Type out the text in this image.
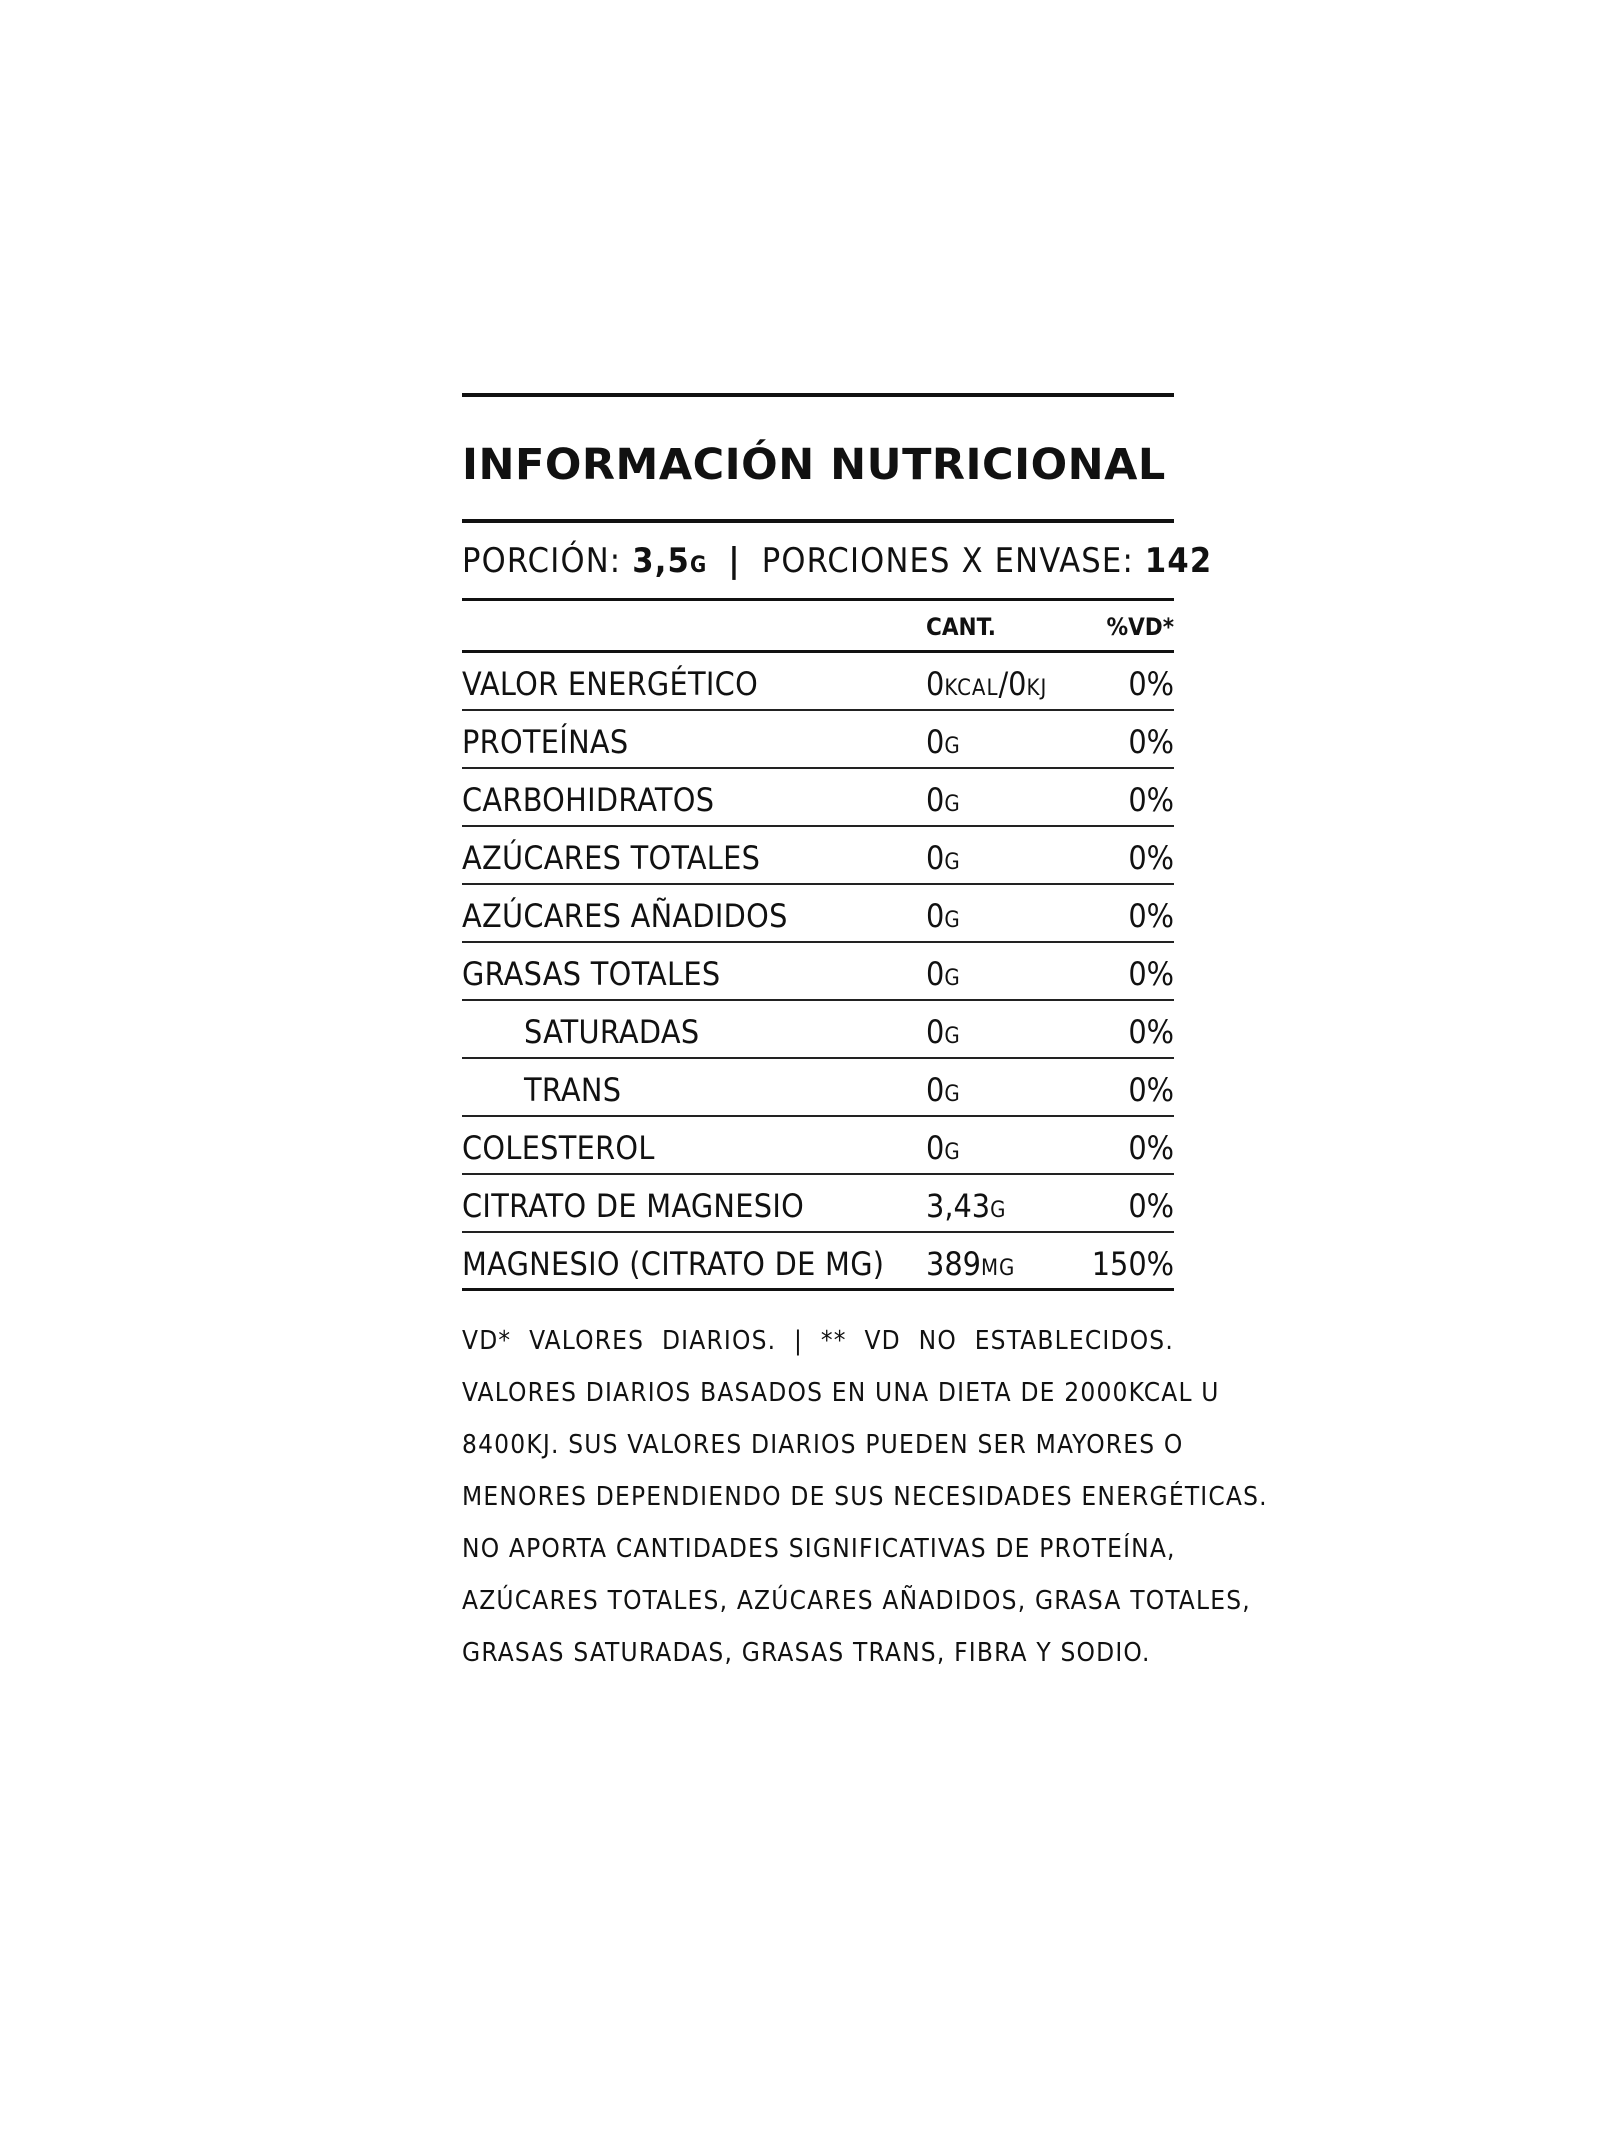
INFORMACIÓN NUTRICIONAL
PORCIÓN: 3,5G | PORCIONES X ENVASE: 142
CANT.	%VD*
VALOR ENERGÉTICO	0KCAL/0KJ	0%
PROTEÍNAS	0G	0%
CARBOHIDRATOS	0G	0%
AZÚCARES TOTALES	0G	0%
AZÚCARES AÑADIDOS	0G	0%
GRASAS TOTALES	0G	0%
SATURADAS	0G	0%
TRANS	0G	0%
COLESTEROL	0G	0%
CITRATO DE MAGNESIO	3,43G	0%
MAGNESIO (CITRATO DE MG) 389MG 150%
VD* VALORES DIARIOS. | ** VD NO ESTABLECIDOS.
VALORES DIARIOS BASADOS EN UNA DIETA DE 2000KCAL U
8400KJ. SUS VALORES DIARIOS PUEDEN SER MAYORES O
MENORES DEPENDIENDO DE SUS NECESIDADES ENERGÉTICAS.
NO APORTA CANTIDADES SIGNIFICATIVAS DE PROTEÍNA,
AZÚCARES TOTALES, AZÚCARES AÑADIDOS, GRASA TOTALES,
GRASAS SATURADAS, GRASAS TRANS, FIBRA Y SODIO.
